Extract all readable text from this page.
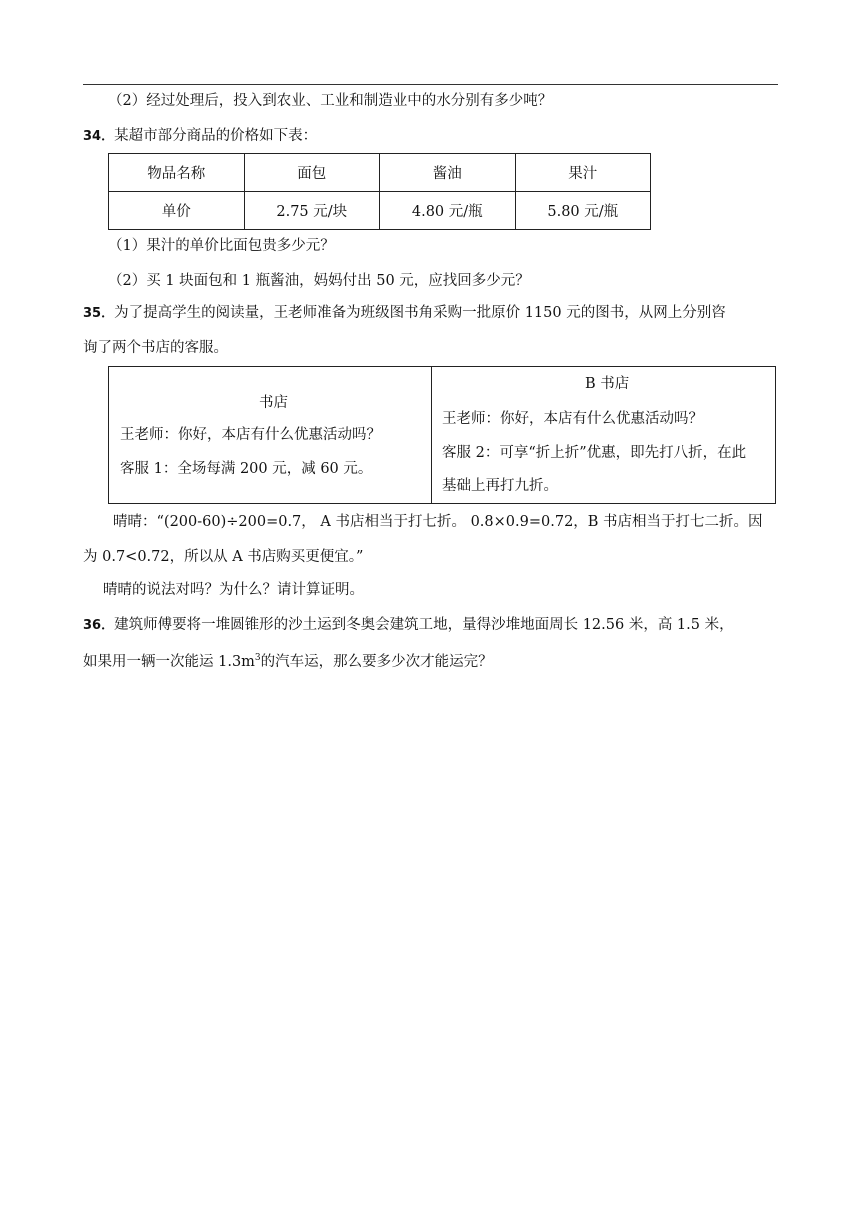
（2）经过处理后，投入到农业、工业和制造业中的水分别有多少吨？
34．某超市部分商品的价格如下表：
物品名称	面包	酱油	果汁
单价	2.75 元/块	4.80 元/瓶	5.80 元/瓶
（1）果汁的单价比面包贵多少元？
（2）买 1 块面包和 1 瓶酱油，妈妈付出 50 元，应找回多少元？
35．为了提高学生的阅读量，王老师准备为班级图书角采购一批原价 1150 元的图书，从网上分别咨
询了两个书店的客服。
书店
王老师：你好，本店有什么优惠活动吗？
客服 1：全场每满 200 元，减 60 元。
B 书店
王老师：你好，本店有什么优惠活动吗？
客服 2：可享“折上折”优惠，即先打八折，在此
基础上再打九折。
晴晴：“(200-60)÷200=0.7， A 书店相当于打七折。 0.8×0.9=0.72，B 书店相当于打七二折。因
为 0.7<0.72，所以从 A 书店购买更便宜。”
晴晴的说法对吗？为什么？请计算证明。
36．建筑师傅要将一堆圆锥形的沙土运到冬奥会建筑工地，量得沙堆地面周长 12.56 米，高 1.5 米，
如果用一辆一次能运 $1.3m^3$的汽车运，那么要多少次才能运完？
